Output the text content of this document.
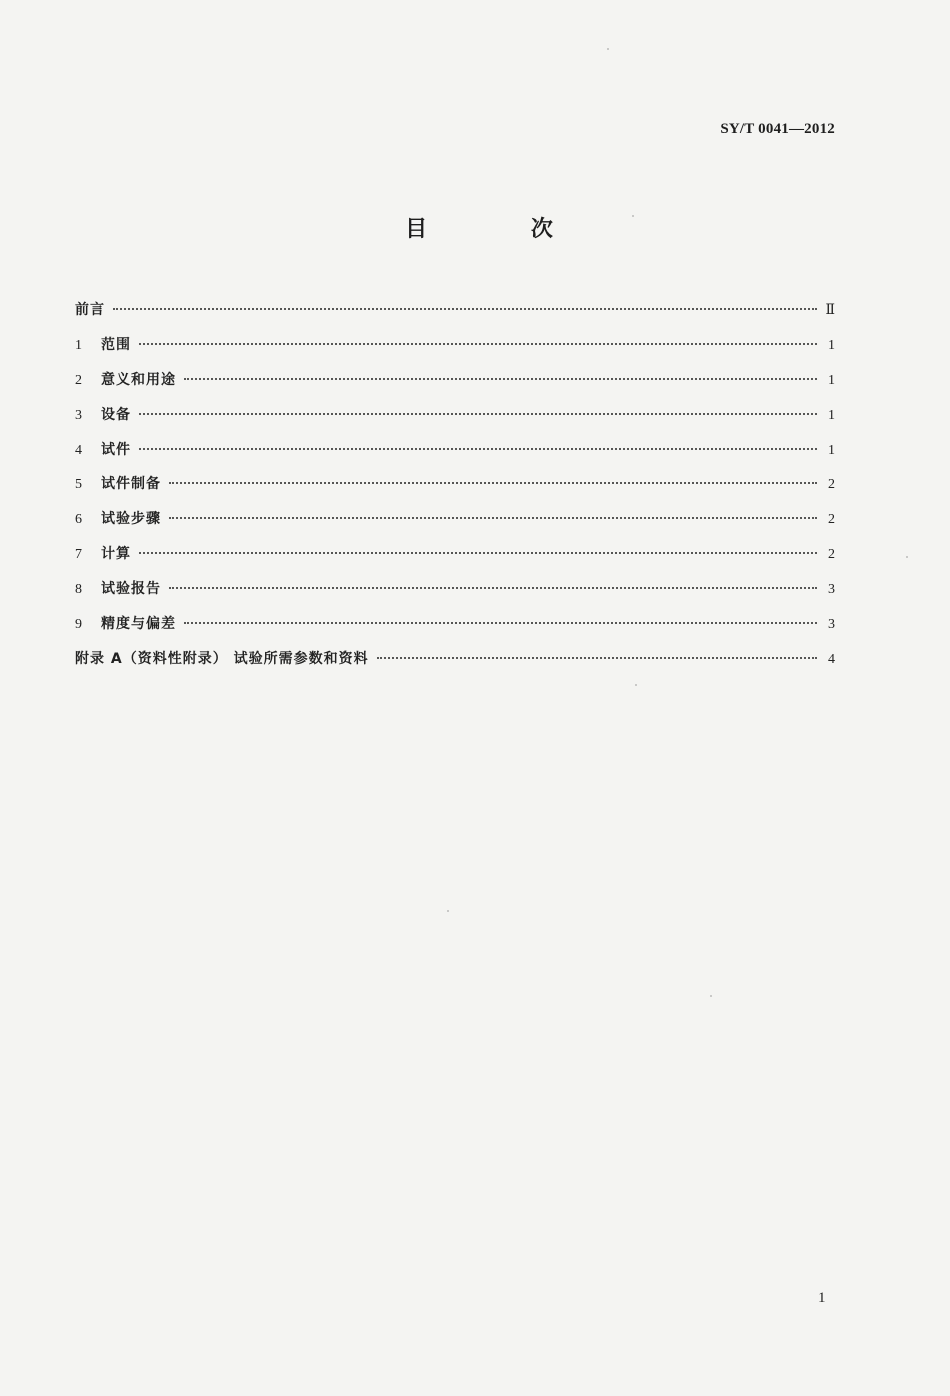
SY/T 0041—2012
目 次
前言	Ⅱ
1	范围	1
2	意义和用途	1
3	设备	1
4	试件	1
5	试件制备	2
6	试验步骤	2
7	计算	2
8	试验报告	3
9	精度与偏差	3
附录 A（资料性附录） 试验所需参数和资料	4
1
